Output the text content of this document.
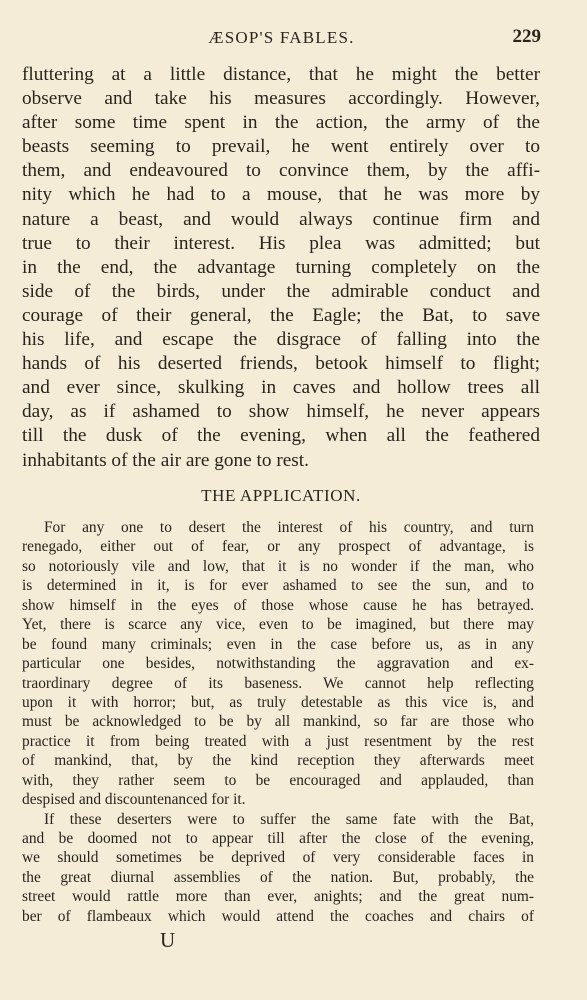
ÆSOP'S FABLES.	229
fluttering at a little distance, that he might the better
observe and take his measures accordingly. However,
after some time spent in the action, the army of the
beasts seeming to prevail, he went entirely over to
them, and endeavoured to convince them, by the affi-
nity which he had to a mouse, that he was more by
nature a beast, and would always continue firm and
true to their interest. His plea was admitted; but
in the end, the advantage turning completely on the
side of the birds, under the admirable conduct and
courage of their general, the Eagle; the Bat, to save
his life, and escape the disgrace of falling into the
hands of his deserted friends, betook himself to flight;
and ever since, skulking in caves and hollow trees all
day, as if ashamed to show himself, he never appears
till the dusk of the evening, when all the feathered
inhabitants of the air are gone to rest.
THE APPLICATION.
For any one to desert the interest of his country, and turn
renegado, either out of fear, or any prospect of advantage, is
so notoriously vile and low, that it is no wonder if the man, who
is determined in it, is for ever ashamed to see the sun, and to
show himself in the eyes of those whose cause he has betrayed.
Yet, there is scarce any vice, even to be imagined, but there may
be found many criminals; even in the case before us, as in any
particular one besides, notwithstanding the aggravation and ex-
traordinary degree of its baseness. We cannot help reflecting
upon it with horror; but, as truly detestable as this vice is, and
must be acknowledged to be by all mankind, so far are those who
practice it from being treated with a just resentment by the rest
of mankind, that, by the kind reception they afterwards meet
with, they rather seem to be encouraged and applauded, than
despised and discountenanced for it.
If these deserters were to suffer the same fate with the Bat,
and be doomed not to appear till after the close of the evening,
we should sometimes be deprived of very considerable faces in
the great diurnal assemblies of the nation. But, probably, the
street would rattle more than ever, anights; and the great num-
ber of flambeaux which would attend the coaches and chairs of
U
